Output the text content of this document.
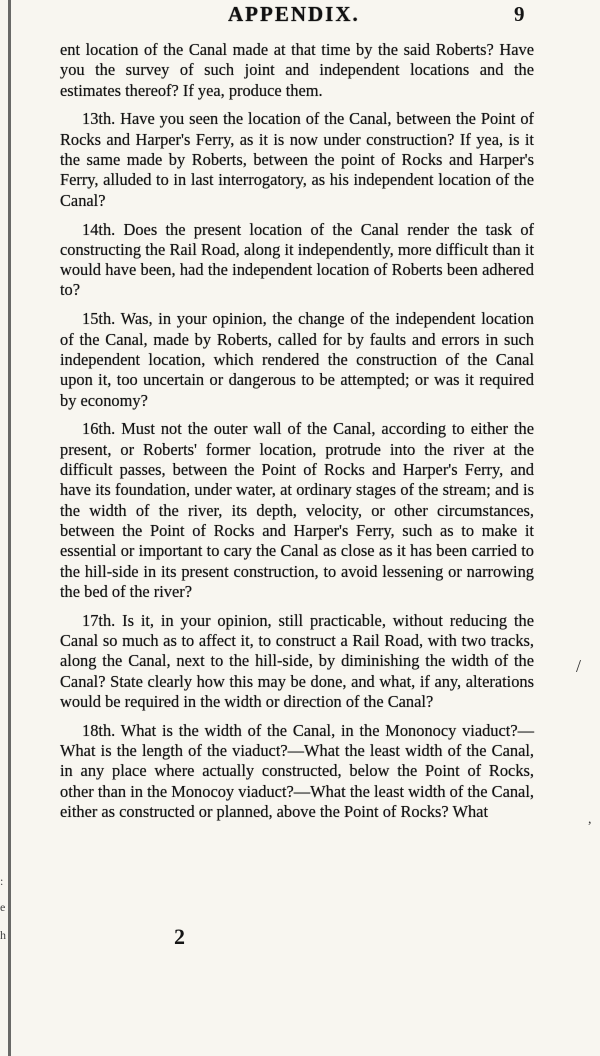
APPENDIX.	9

ent location of the Canal made at that time by the said Roberts? Have you the survey of such joint and independent locations and the estimates thereof? If yea, produce them.

13th. Have you seen the location of the Canal, between the Point of Rocks and Harper's Ferry, as it is now under construction? If yea, is it the same made by Roberts, between the point of Rocks and Harper's Ferry, alluded to in last interrogatory, as his independent location of the Canal?

14th. Does the present location of the Canal render the task of constructing the Rail Road, along it independently, more difficult than it would have been, had the independent location of Roberts been adhered to?

15th. Was, in your opinion, the change of the independent location of the Canal, made by Roberts, called for by faults and errors in such independent location, which rendered the construction of the Canal upon it, too uncertain or dangerous to be attempted; or was it required by economy?

16th. Must not the outer wall of the Canal, according to either the present, or Roberts' former location, protrude into the river at the difficult passes, between the Point of Rocks and Harper's Ferry, and have its foundation, under water, at ordinary stages of the stream; and is the width of the river, its depth, velocity, or other circumstances, between the Point of Rocks and Harper's Ferry, such as to make it essential or important to cary the Canal as close as it has been carried to the hill-side in its present construction, to avoid lessening or narrowing the bed of the river?

17th. Is it, in your opinion, still practicable, without reducing the Canal so much as to affect it, to construct a Rail Road, with two tracks, along the Canal, next to the hill-side, by diminishing the width of the Canal? State clearly how this may be done, and what, if any, alterations would be required in the width or direction of the Canal?

18th. What is the width of the Canal, in the Mononocy viaduct?—What is the length of the viaduct?—What the least width of the Canal, in any place where actually constructed, below the Point of Rocks, other than in the Monocoy viaduct?—What the least width of the Canal, either as constructed or planned, above the Point of Rocks? What

2
/
,
:
e
h
